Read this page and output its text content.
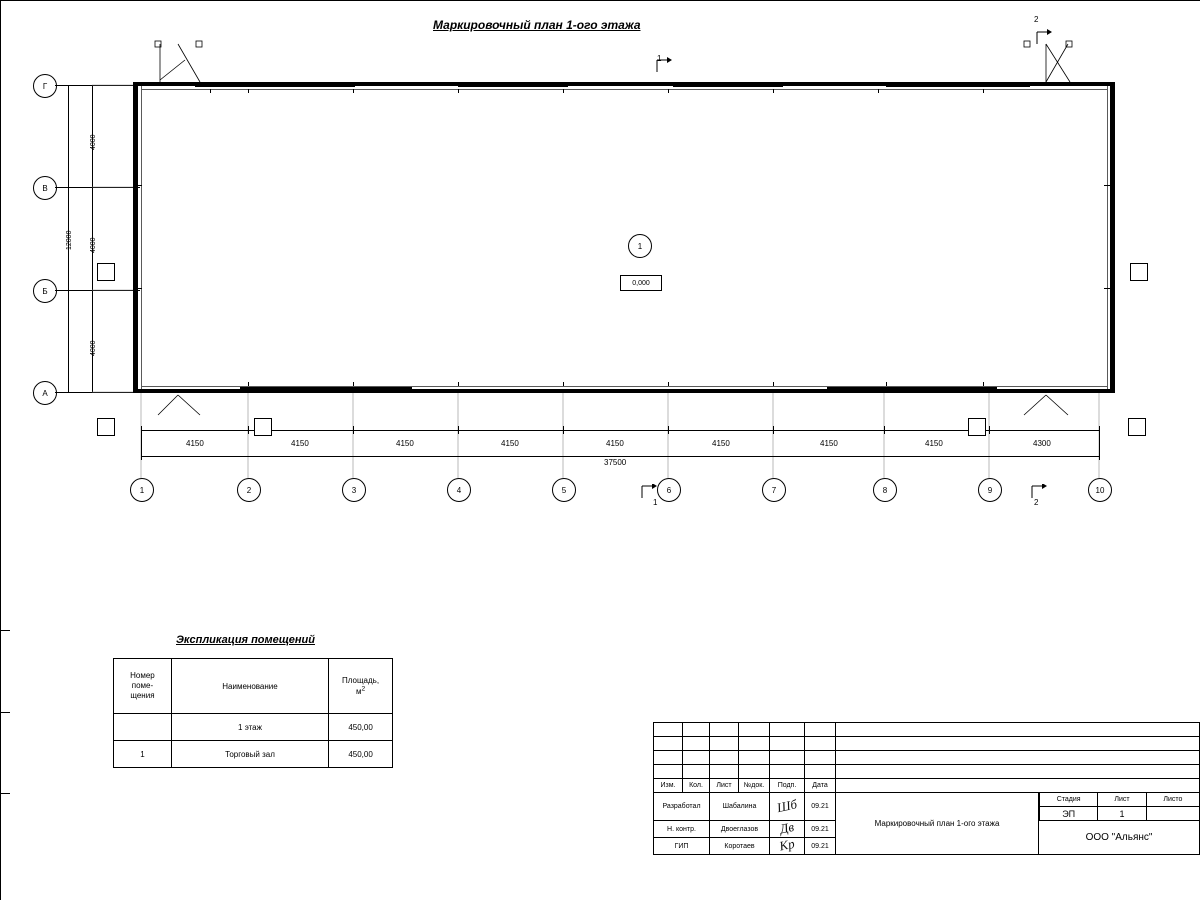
Маркировочный план 1-ого этажа
0,000
1
Г
В
Б
А
4000
4000
4000
12000
1	2	3	4	5	6	7	8	9	10
4150	4150	4150	4150	4150	4150	4150	4150	4300
37500
1
2
1	2
Экспликация помещений
Номер
поме-
щения	Наименование	Площадь,
$м^2$
	1 этаж	450,00
1	Торговый зал	450,00

Изм.	Кол.	Лист	№док.	Подп.	Дата	
Разработал	Шабалина	Шб	09.21	Маркировочный план 1-ого этажа	
Стадия	Лист	Листо
ЭП	1	

Н. контр.	Двоеглазов	Дв	09.21	ООО "Альянс"
ГИП	Коротаев	Кр	09.21
